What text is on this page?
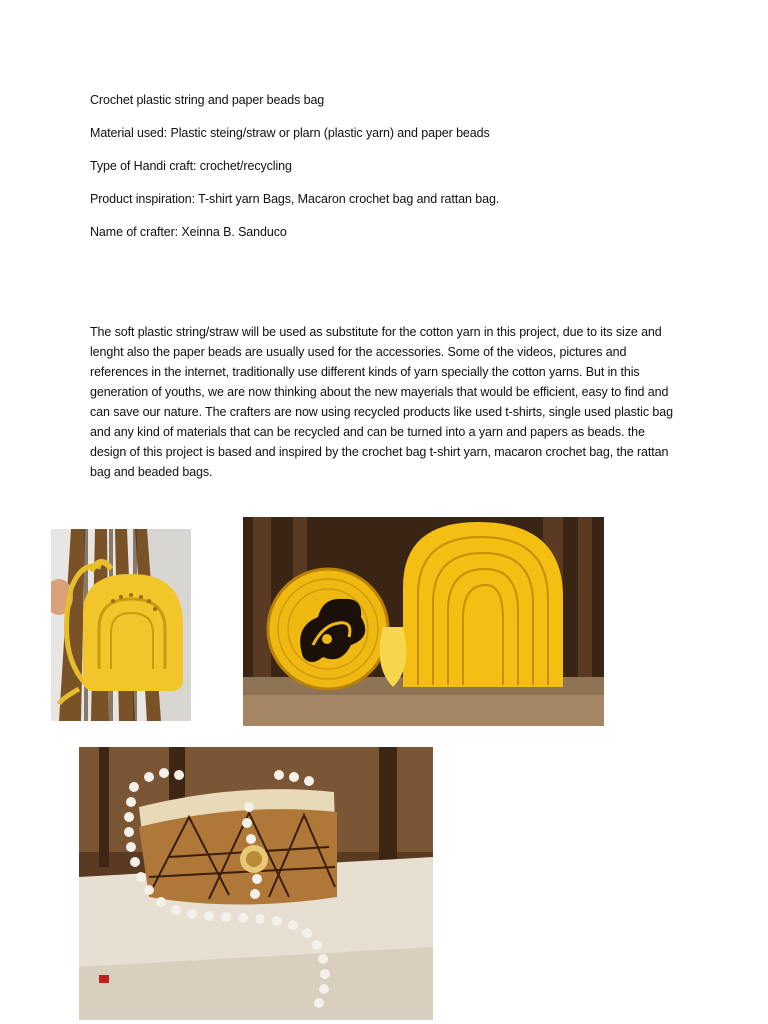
Crochet plastic string and paper beads bag
Material used: Plastic steing/straw or plarn (plastic yarn) and paper beads
Type of Handi craft: crochet/recycling
Product inspiration: T-shirt yarn Bags, Macaron crochet bag and rattan bag.
Name of crafter: Xeinna B. Sanduco
The soft plastic string/straw will be used as substitute for the cotton yarn in this project, due to its size and lenght also the paper beads are usually used for the accessories. Some of the videos, pictures and references in the internet, traditionally use different kinds of yarn specially the cotton yarns. But in this generation of youths, we are now thinking about the new mayerials that would be efficient, easy to find and can save our nature. The crafters are now using recycled products like used t-shirts, single used plastic bag and any kind of materials that can be recycled and can be turned into a yarn and papers as beads. the design of this project is based and inspired by the crochet bag t-shirt yarn, macaron crochet bag, the rattan bag and beaded bags.
